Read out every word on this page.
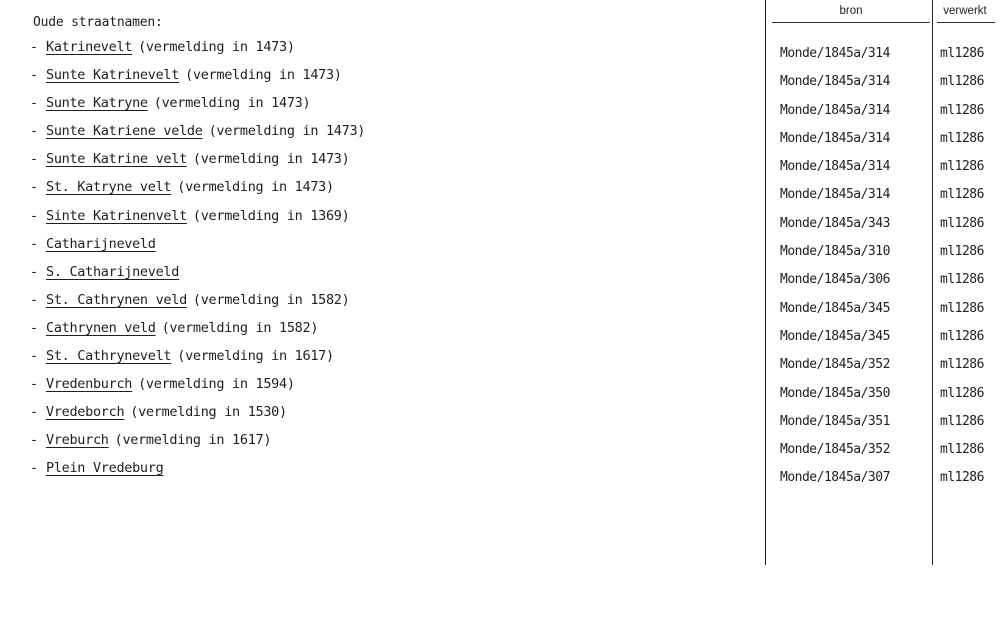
Oude straatnamen:
- Katrinevelt (vermelding in 1473)
- Sunte Katrinevelt (vermelding in 1473)
- Sunte Katryne (vermelding in 1473)
- Sunte Katriene velde (vermelding in 1473)
- Sunte Katrine velt (vermelding in 1473)
- St. Katryne velt (vermelding in 1473)
- Sinte Katrinenvelt (vermelding in 1369)
- Catharijneveld
- S. Catharijneveld
- St. Cathrynen veld (vermelding in 1582)
- Cathrynen veld (vermelding in 1582)
- St. Cathrynevelt (vermelding in 1617)
- Vredenburch (vermelding in 1594)
- Vredeborch (vermelding in 1530)
- Vreburch (vermelding in 1617)
- Plein Vredeburg
bron	verwerkt
Monde/1845a/314
Monde/1845a/314
Monde/1845a/314
Monde/1845a/314
Monde/1845a/314
Monde/1845a/314
Monde/1845a/343
Monde/1845a/310
Monde/1845a/306
Monde/1845a/345
Monde/1845a/345
Monde/1845a/352
Monde/1845a/350
Monde/1845a/351
Monde/1845a/352
Monde/1845a/307
ml1286
ml1286
ml1286
ml1286
ml1286
ml1286
ml1286
ml1286
ml1286
ml1286
ml1286
ml1286
ml1286
ml1286
ml1286
ml1286
